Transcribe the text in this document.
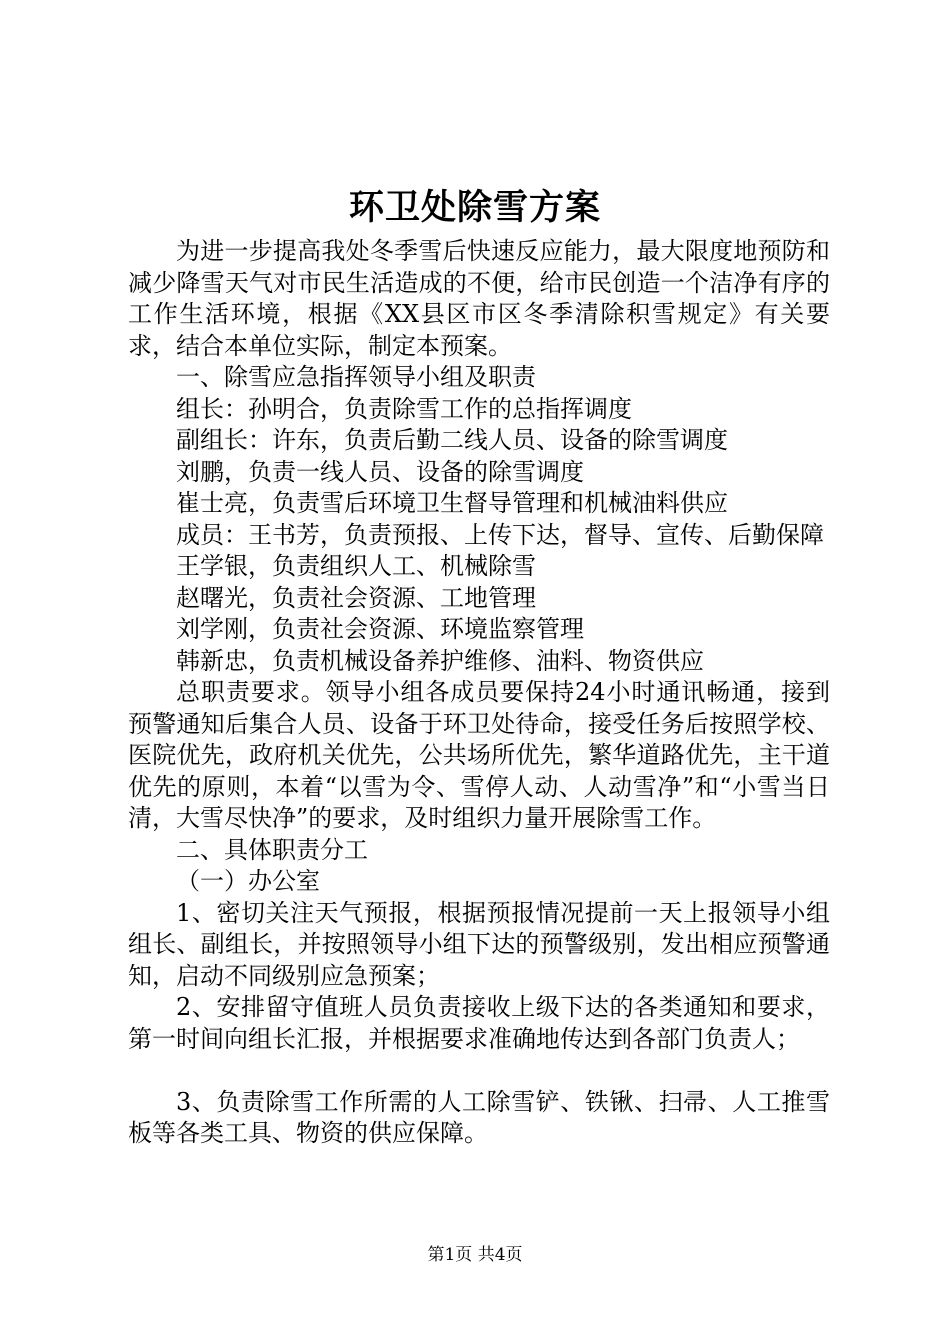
环卫处除雪方案

为进一步提高我处冬季雪后快速反应能力，最大限度地预防和减少降雪天气对市民生活造成的不便，给市民创造一个洁净有序的工作生活环境，根据《XX县区市区冬季清除积雪规定》有关要求，结合本单位实际，制定本预案。

一、除雪应急指挥领导小组及职责

组长：孙明合，负责除雪工作的总指挥调度

副组长：许东，负责后勤二线人员、设备的除雪调度

刘鹏，负责一线人员、设备的除雪调度

崔士亮，负责雪后环境卫生督导管理和机械油料供应

成员：王书芳，负责预报、上传下达，督导、宣传、后勤保障

王学银，负责组织人工、机械除雪

赵曙光，负责社会资源、工地管理

刘学刚，负责社会资源、环境监察管理

韩新忠，负责机械设备养护维修、油料、物资供应

总职责要求。领导小组各成员要保持24小时通讯畅通，接到预警通知后集合人员、设备于环卫处待命，接受任务后按照学校、医院优先，政府机关优先，公共场所优先，繁华道路优先，主干道优先的原则，本着“以雪为令、雪停人动、人动雪净”和“小雪当日清，大雪尽快净”的要求，及时组织力量开展除雪工作。

二、具体职责分工

（一）办公室

1、密切关注天气预报，根据预报情况提前一天上报领导小组组长、副组长，并按照领导小组下达的预警级别，发出相应预警通知，启动不同级别应急预案；

2、安排留守值班人员负责接收上级下达的各类通知和要求，第一时间向组长汇报，并根据要求准确地传达到各部门负责人；

3、负责除雪工作所需的人工除雪铲、铁锹、扫帚、人工推雪板等各类工具、物资的供应保障。

第1页 共4页
